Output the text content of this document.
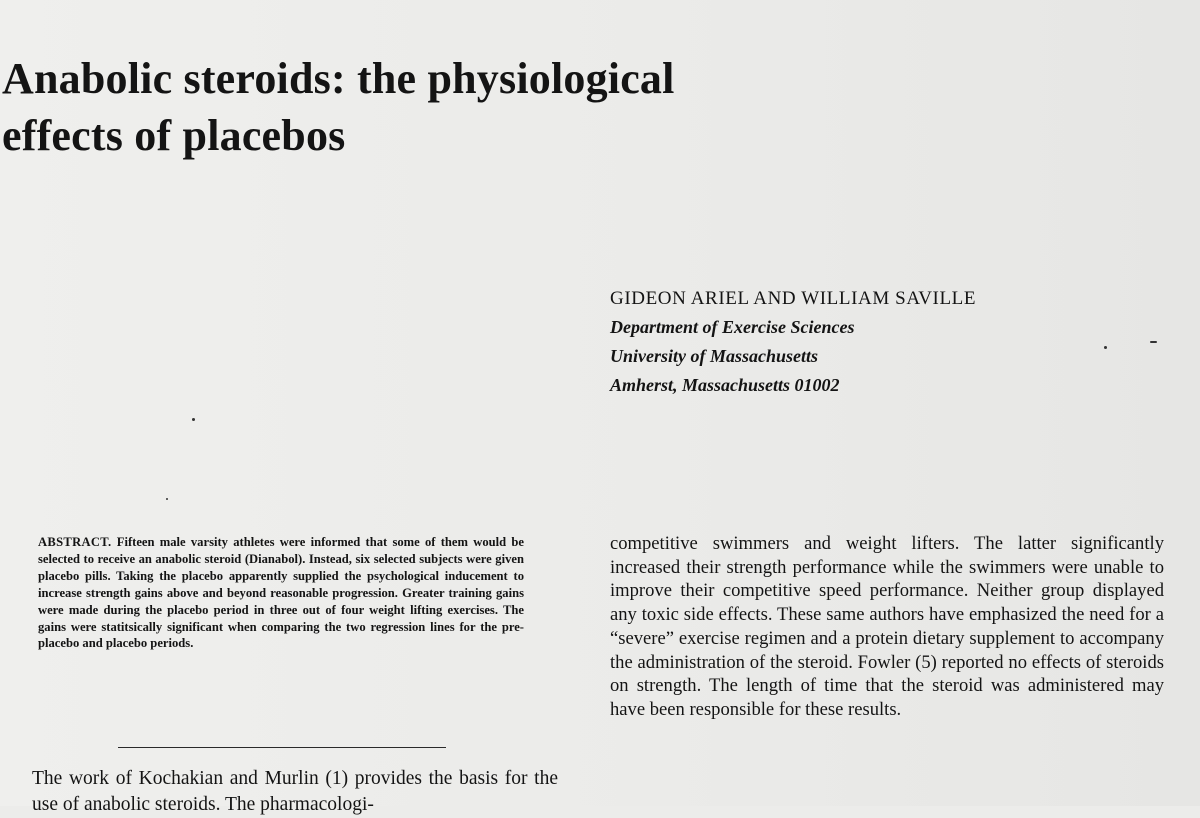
Anabolic steroids: the physiological
effects of placebos
GIDEON ARIEL AND WILLIAM SAVILLE
Department of Exercise Sciences
University of Massachusetts
Amherst, Massachusetts 01002
ABSTRACT. Fifteen male varsity athletes were informed that some of them would be selected to receive an anabolic steroid (Dianabol). Instead, six selected subjects were given placebo pills. Taking the placebo apparently supplied the psychological inducement to increase strength gains above and beyond reasonable progression. Greater training gains were made during the placebo period in three out of four weight lifting exercises. The gains were statitsically significant when comparing the two regression lines for the pre-placebo and placebo periods.
The work of Kochakian and Murlin (1) provides the basis for the use of anabolic steroids. The pharmacologi-
competitive swimmers and weight lifters. The latter significantly increased their strength performance while the swimmers were unable to improve their competitive speed performance. Neither group displayed any toxic side effects. These same authors have emphasized the need for a “severe” exercise regimen and a protein dietary supplement to accompany the administration of the steroid. Fowler (5) reported no effects of steroids on strength. The length of time that the steroid was administered may have been responsible for these results.
